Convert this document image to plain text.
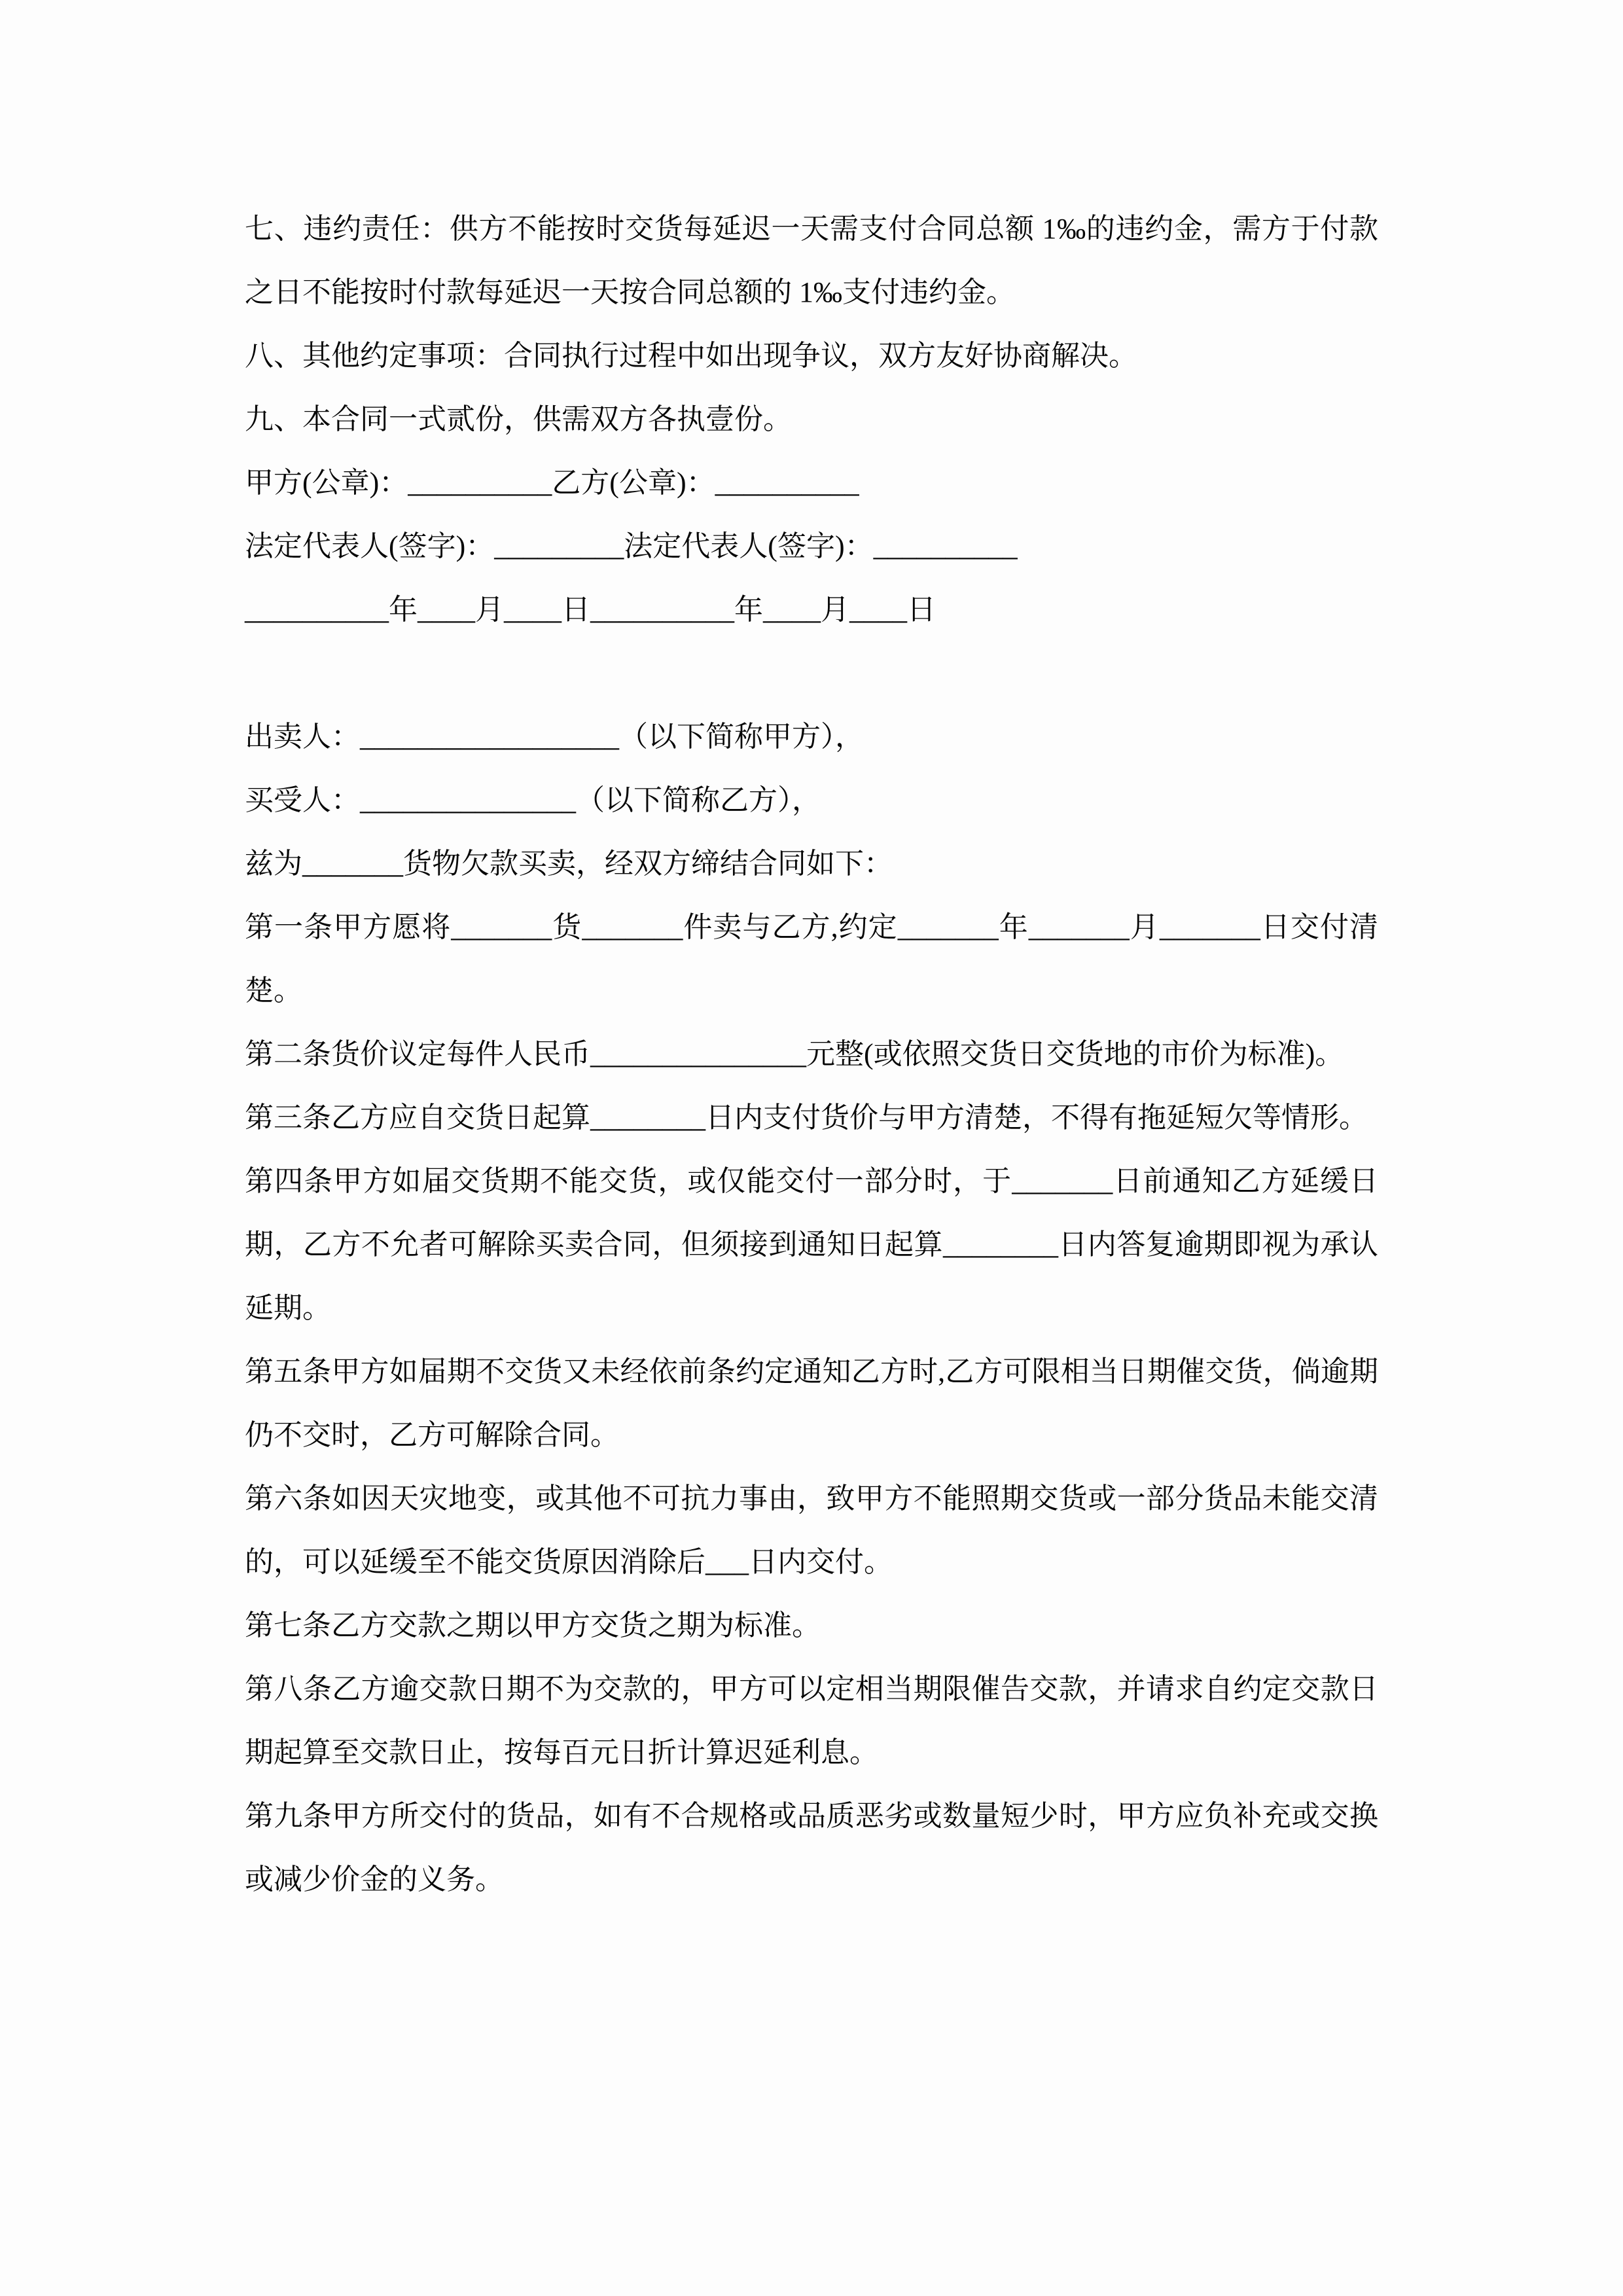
七、违约责任：供方不能按时交货每延迟一天需支付合同总额 1‰的违约金，需方于付款之日不能按时付款每延迟一天按合同总额的 1‰支付违约金。

八、其他约定事项：合同执行过程中如出现争议，双方友好协商解决。

九、本合同一式贰份，供需双方各执壹份。

甲方(公章)：__________乙方(公章)：__________

法定代表人(签字)：_________法定代表人(签字)：__________

__________年____月____日__________年____月____日

出卖人：__________________（以下简称甲方），

买受人：_______________（以下简称乙方），

兹为_______货物欠款买卖，经双方缔结合同如下：

第一条甲方愿将_______货_______件卖与乙方,约定_______年_______月_______日交付清楚。

第二条货价议定每件人民币_______________元整(或依照交货日交货地的市价为标准)。

第三条乙方应自交货日起算________日内支付货价与甲方清楚，不得有拖延短欠等情形。

第四条甲方如届交货期不能交货，或仅能交付一部分时，于_______日前通知乙方延缓日期，乙方不允者可解除买卖合同，但须接到通知日起算________日内答复逾期即视为承认延期。

第五条甲方如届期不交货又未经依前条约定通知乙方时,乙方可限相当日期催交货，倘逾期仍不交时，乙方可解除合同。

第六条如因天灾地变，或其他不可抗力事由，致甲方不能照期交货或一部分货品未能交清的，可以延缓至不能交货原因消除后___日内交付。

第七条乙方交款之期以甲方交货之期为标准。

第八条乙方逾交款日期不为交款的，甲方可以定相当期限催告交款，并请求自约定交款日期起算至交款日止，按每百元日折计算迟延利息。

第九条甲方所交付的货品，如有不合规格或品质恶劣或数量短少时，甲方应负补充或交换或减少价金的义务。
